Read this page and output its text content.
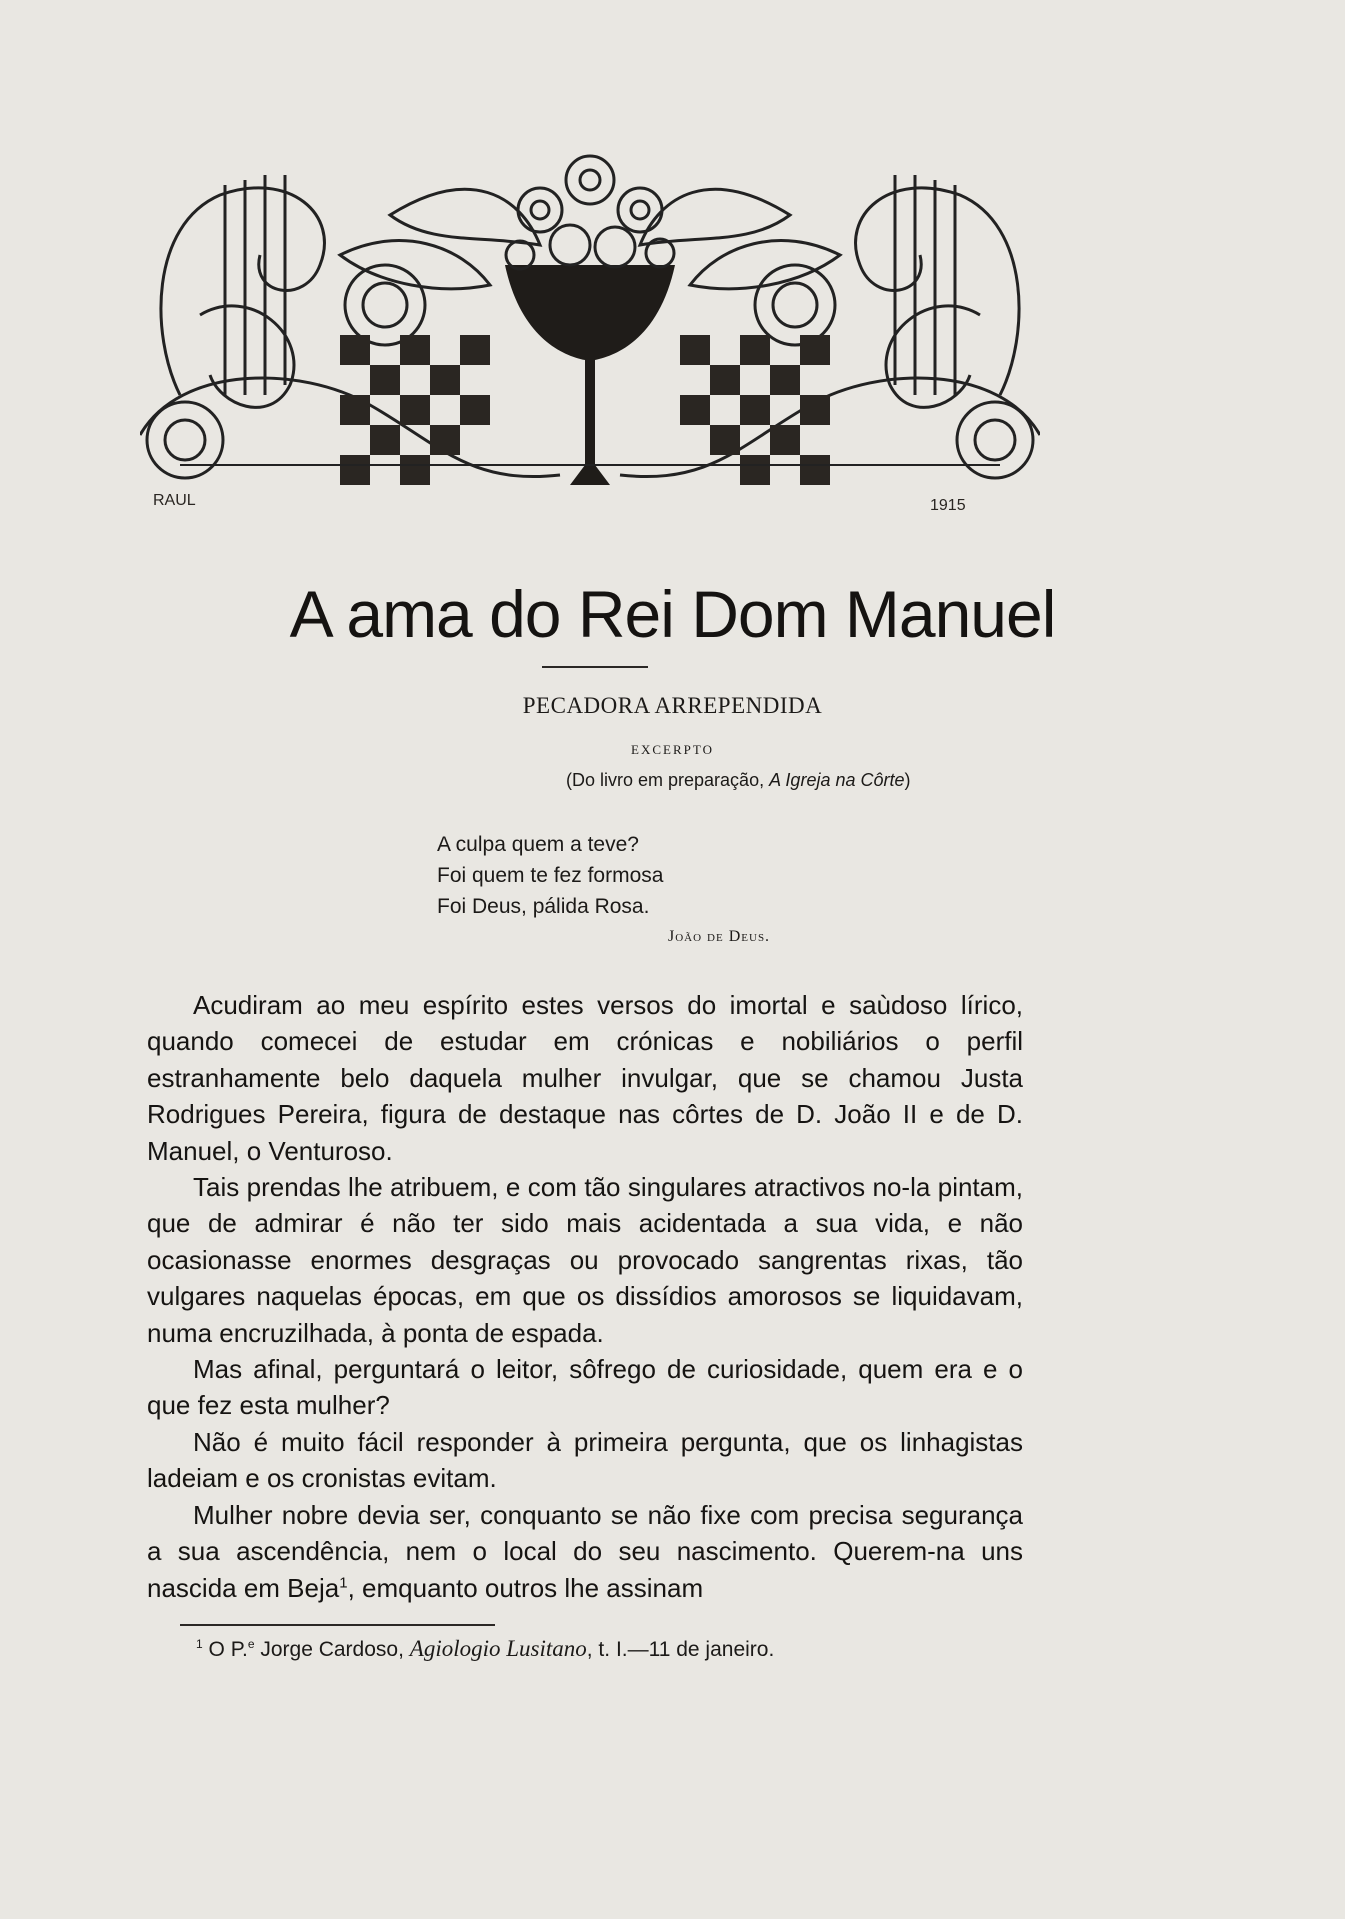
RAUL	1915
A ama do Rei Dom Manuel
PECADORA ARREPENDIDA
EXCERPTO
(Do livro em preparação, A Igreja na Côrte)
A culpa quem a teve?
Foi quem te fez formosa
Foi Deus, pálida Rosa.
João de Deus.

Acudiram ao meu espírito estes versos do imortal e saùdoso lírico, quando comecei de estudar em crónicas e nobiliários o perfil estranhamente belo daquela mulher invulgar, que se chamou Justa Rodrigues Pereira, figura de destaque nas côrtes de D. João II e de D. Manuel, o Venturoso.

Tais prendas lhe atribuem, e com tão singulares atractivos no-la pintam, que de admirar é não ter sido mais acidentada a sua vida, e não ocasionasse enormes desgraças ou provocado sangrentas rixas, tão vulgares naquelas épocas, em que os dissídios amorosos se liquidavam, numa encruzilhada, à ponta de espada.

Mas afinal, perguntará o leitor, sôfrego de curiosidade, quem era e o que fez esta mulher?

Não é muito fácil responder à primeira pergunta, que os linhagistas ladeiam e os cronistas evitam.

Mulher nobre devia ser, conquanto se não fixe com precisa segurança a sua ascendência, nem o local do seu nascimento. Querem-na uns nascida em Beja$^1$, emquanto outros lhe assinam

$^1$ O P.$^e$ Jorge Cardoso, Agiologio Lusitano, t. I.—11 de janeiro.
